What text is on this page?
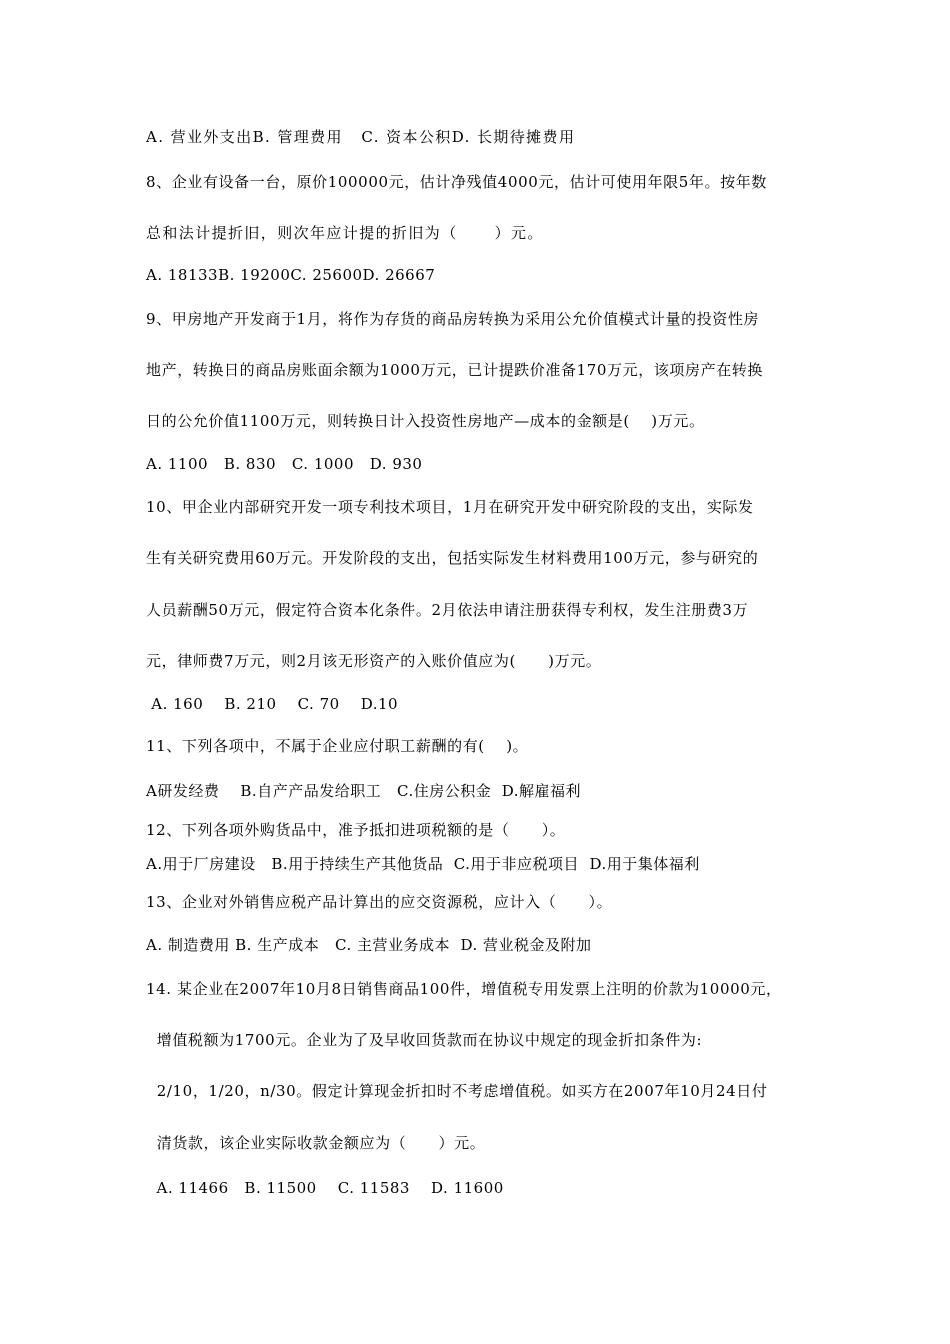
A. 营业外支出B. 管理费用   C. 资本公积D. 长期待摊费用
8、企业有设备一台，原价100000元，估计净残值4000元，估计可使用年限5年。按年数
总和法计提折旧，则次年应计提的折旧为（      ）元。
A. 18133B. 19200C. 25600D. 26667
9、甲房地产开发商于1月，将作为存货的商品房转换为采用公允价值模式计量的投资性房
地产，转换日的商品房账面余额为1000万元，已计提跌价准备170万元，该项房产在转换
日的公允价值1100万元，则转换日计入投资性房地产—成本的金额是(    )万元。
A. 1100   B. 830   C. 1000   D. 930
10、甲企业内部研究开发一项专利技术项目，1月在研究开发中研究阶段的支出，实际发
生有关研究费用60万元。开发阶段的支出，包括实际发生材料费用100万元，参与研究的
人员薪酬50万元，假定符合资本化条件。2月依法申请注册获得专利权，发生注册费3万
元，律师费7万元，则2月该无形资产的入账价值应为(      )万元。
A. 160    B. 210    C. 70    D.10
11、下列各项中，不属于企业应付职工薪酬的有(    )。
A研发经费    B.自产产品发给职工   C.住房公积金  D.解雇福利
12、下列各项外购货品中，准予抵扣进项税额的是（      ）。
A.用于厂房建设   B.用于持续生产其他货品  C.用于非应税项目  D.用于集体福利
13、企业对外销售应税产品计算出的应交资源税，应计入（      ）。
A. 制造费用 B. 生产成本   C. 主营业务成本  D. 营业税金及附加
14. 某企业在2007年10月8日销售商品100件，增值税专用发票上注明的价款为10000元，
增值税额为1700元。企业为了及早收回货款而在协议中规定的现金折扣条件为:
2/10，1/20，n/30。假定计算现金折扣时不考虑增值税。如买方在2007年10月24日付
清货款，该企业实际收款金额应为（      ）元。
A. 11466   B. 11500    C. 11583    D. 11600
